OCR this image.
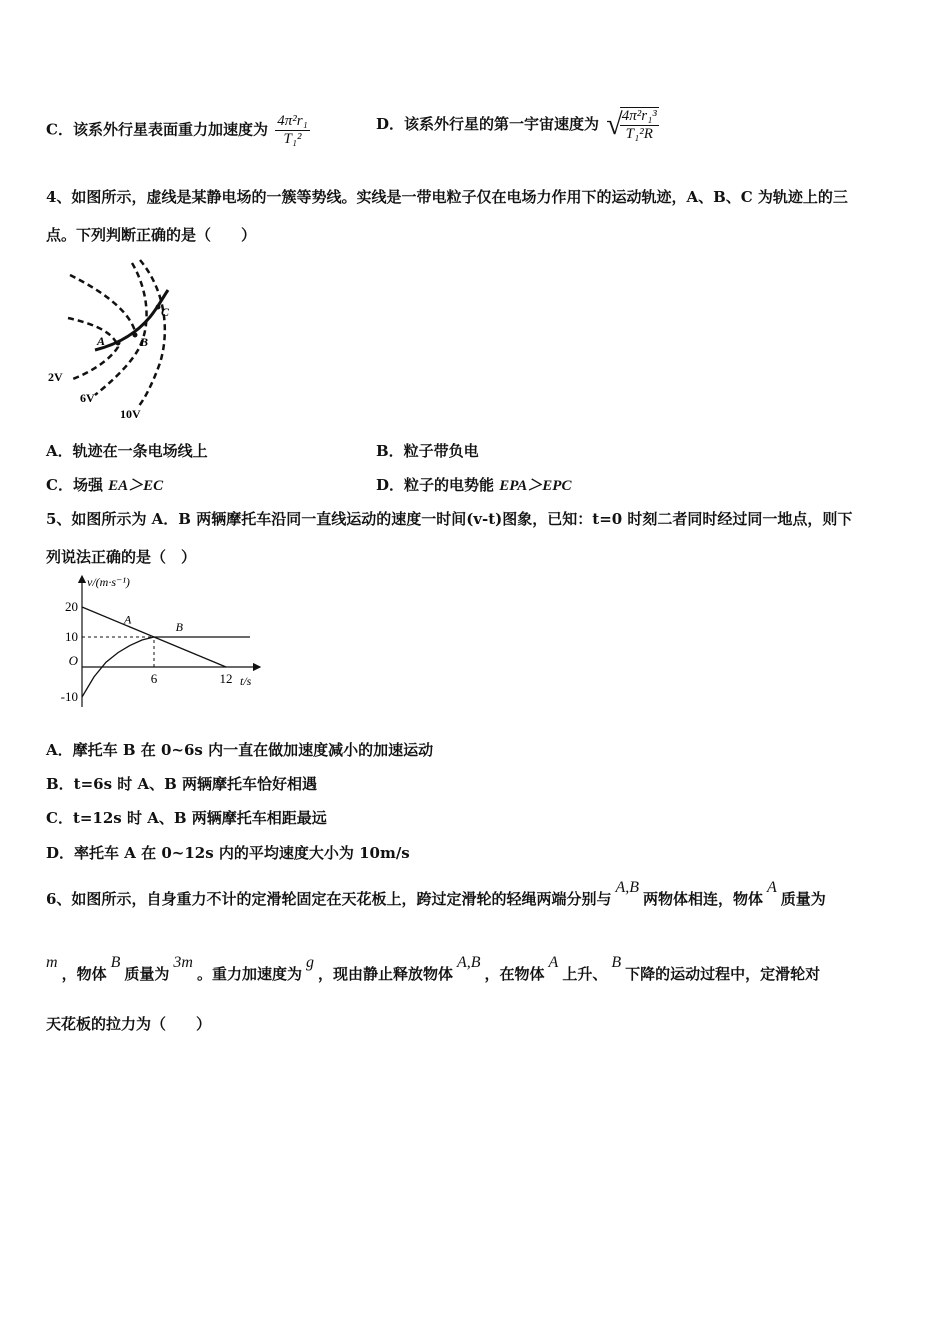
C．该系外行星表面重力加速度为 $\frac{\text{4π²r₁}}{\text{T₁²}}$	D．该系外行星的第一宇宙速度为 √
$\frac{\text{4π²r₁³}}{\text{T₁²R}}$
4、如图所示，虚线是某静电场的一簇等势线。实线是一带电粒子仅在电场力作用下的运动轨迹，A、B、C 为轨迹上的三
点。下列判断正确的是（　　）
A	B
C
2V
6V
10V
A．轨迹在一条电场线上	B．粒子带负电
C．场强 EA＞EC	D．粒子的电势能 EPA＞EPC
5、如图所示为 A．B 两辆摩托车沿同一直线运动的速度一时间(v-t)图象，已知：t=0 时刻二者同时经过同一地点，则下
列说法正确的是（　）
v/(m·s⁻¹)
t/s
A
B
20
10
O
-10
6	12
A．摩托车 B 在 0~6s 内一直在做加速度减小的加速运动
B．t=6s 时 A、B 两辆摩托车恰好相遇
C．t=12s 时 A、B 两辆摩托车相距最远
D．率托车 A 在 0~12s 内的平均速度大小为 10m/s
6、如图所示，自身重力不计的定滑轮固定在天花板上，跨过定滑轮的轻绳两端分别与A,B两物体相连，物体A质量为
m，物体B质量为3m。重力加速度为g，现由静止释放物体A,B，在物体A上升、B下降的运动过程中，定滑轮对
天花板的拉力为（　　）
